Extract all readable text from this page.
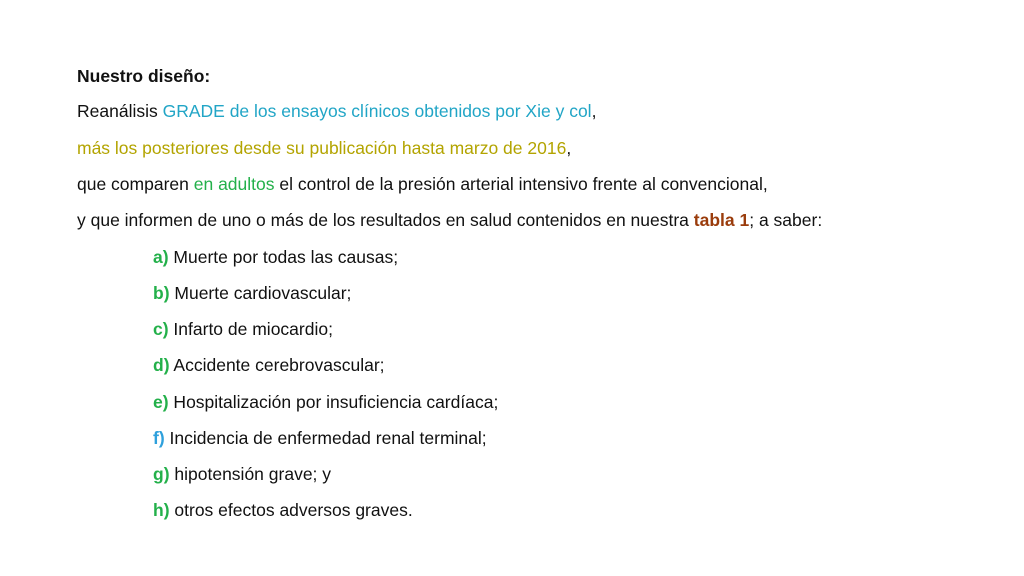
Nuestro diseño:
Reanálisis GRADE de los ensayos clínicos obtenidos por Xie y col,
más los posteriores desde su publicación hasta marzo de 2016,
que comparen en adultos el control de la presión arterial intensivo frente al convencional,
y que informen de uno o más de los resultados en salud contenidos en nuestra tabla 1; a saber:
a) Muerte por todas las causas;
b) Muerte cardiovascular;
c) Infarto de miocardio;
d) Accidente cerebrovascular;
e) Hospitalización por insuficiencia cardíaca;
f) Incidencia de enfermedad renal terminal;
g) hipotensión grave; y
h) otros efectos adversos graves.
